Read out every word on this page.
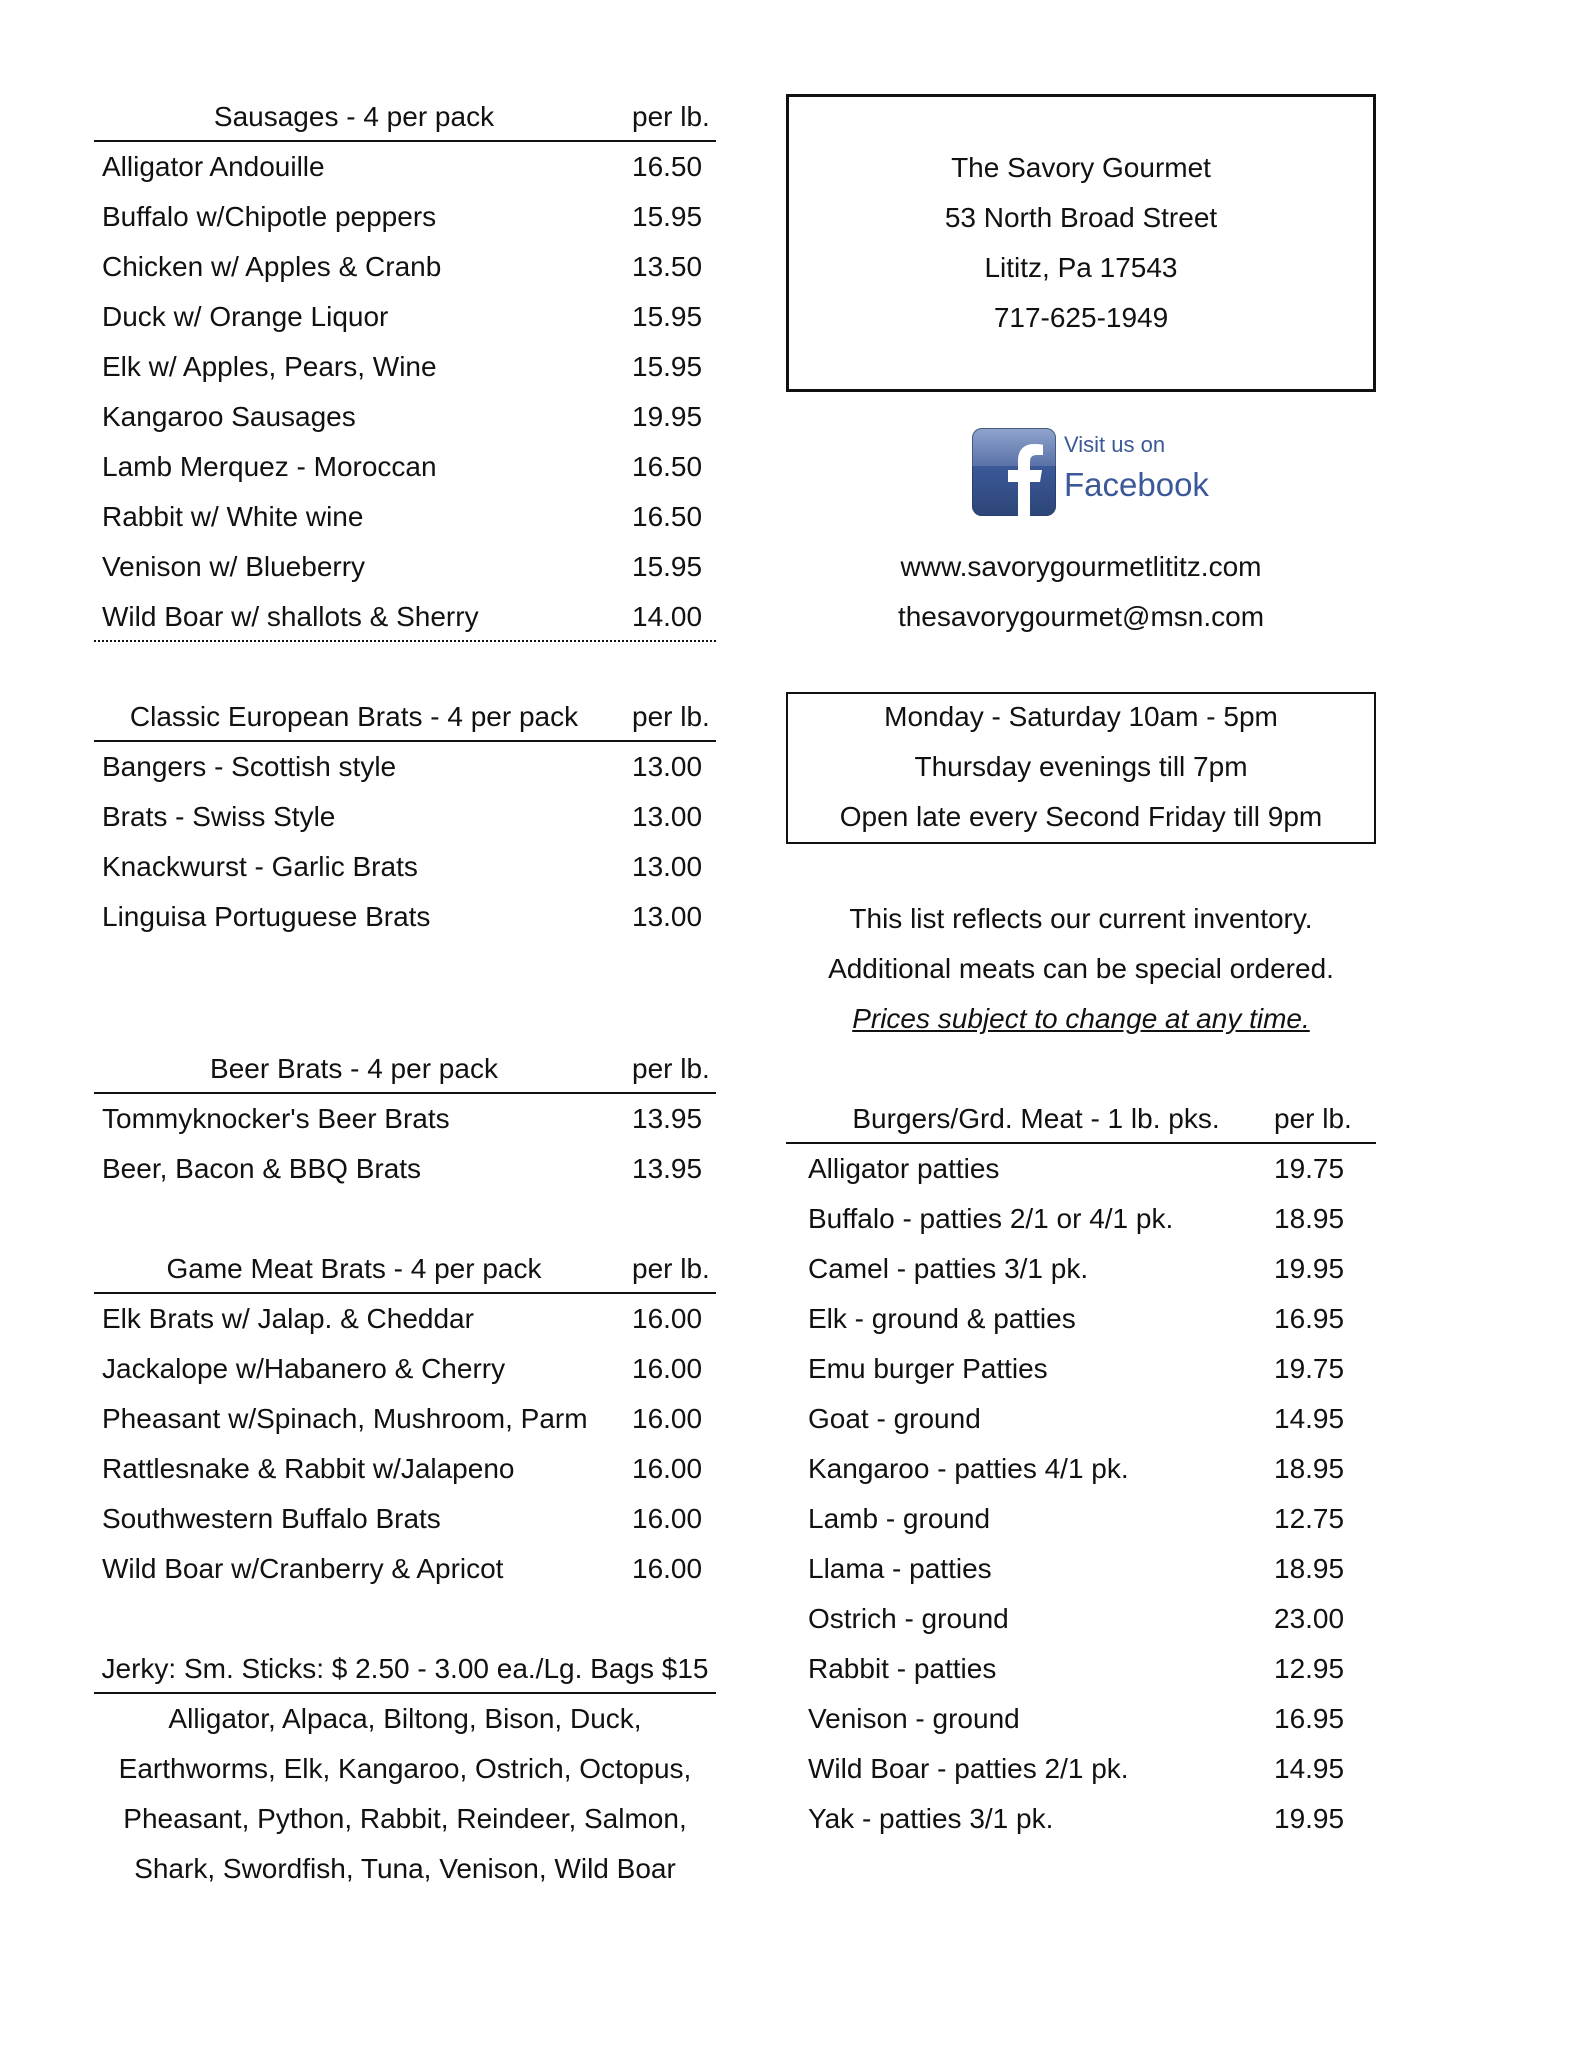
Sausages - 4 per pack	per lb.
Alligator Andouille	16.50
Buffalo w/Chipotle peppers	15.95
Chicken w/ Apples & Cranb	13.50
Duck w/ Orange Liquor	15.95
Elk w/ Apples, Pears, Wine	15.95
Kangaroo Sausages	19.95
Lamb Merquez - Moroccan	16.50
Rabbit w/ White wine	16.50
Venison w/ Blueberry	15.95
Wild Boar w/ shallots & Sherry	14.00
Classic European Brats - 4 per pack	per lb.
Bangers - Scottish style	13.00
Brats - Swiss Style	13.00
Knackwurst - Garlic Brats	13.00
Linguisa Portuguese Brats	13.00
Beer Brats - 4 per pack	per lb.
Tommyknocker's Beer Brats	13.95
Beer, Bacon & BBQ Brats	13.95
Game Meat Brats - 4 per pack	per lb.
Elk Brats w/ Jalap. & Cheddar	16.00
Jackalope w/Habanero & Cherry	16.00
Pheasant w/Spinach, Mushroom, Parm 16.00
Rattlesnake & Rabbit w/Jalapeno	16.00
Southwestern Buffalo Brats	16.00
Wild Boar w/Cranberry & Apricot	16.00
Jerky: Sm. Sticks: $ 2.50 - 3.00 ea./Lg. Bags $15
Alligator, Alpaca, Biltong, Bison, Duck,
Earthworms, Elk, Kangaroo, Ostrich, Octopus,
Pheasant, Python, Rabbit, Reindeer, Salmon,
Shark, Swordfish, Tuna, Venison, Wild Boar
The Savory Gourmet
53 North Broad Street
Lititz, Pa 17543
717-625-1949
Visit us on
Facebook
www.savorygourmetlititz.com
thesavorygourmet@msn.com
Monday - Saturday 10am - 5pm
Thursday evenings till 7pm
Open late every Second Friday till 9pm
This list reflects our current inventory.
Additional meats can be special ordered.
Prices subject to change at any time.
Burgers/Grd. Meat - 1 lb. pks.	per lb.
Alligator patties	19.75
Buffalo - patties 2/1 or 4/1 pk.	18.95
Camel - patties 3/1 pk.	19.95
Elk - ground & patties	16.95
Emu burger Patties	19.75
Goat - ground	14.95
Kangaroo - patties 4/1 pk.	18.95
Lamb - ground	12.75
Llama - patties	18.95
Ostrich - ground	23.00
Rabbit - patties	12.95
Venison - ground	16.95
Wild Boar - patties 2/1 pk.	14.95
Yak - patties 3/1 pk.	19.95
